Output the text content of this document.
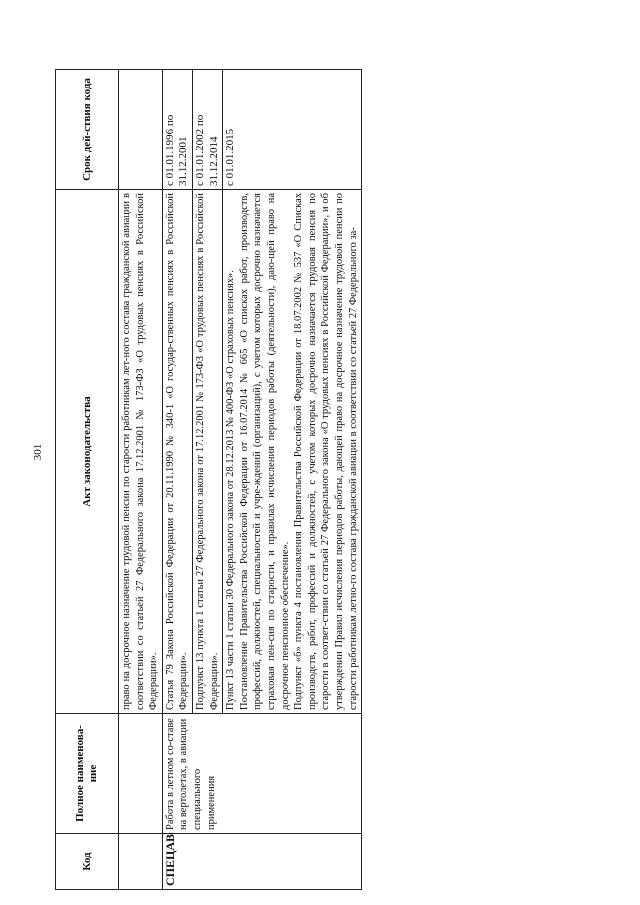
301
Код	Полное наименова-ние	Акт законодательства	Срок дей-ствия кода
		право на досрочное назначение трудовой пенсии по старости работникам лет-ного состава гражданской авиации в соответствии со статьей 27 Федерального закона 17.12.2001 № 173-ФЗ «О трудовых пенсиях в Российской Федерации».	
СПЕЦАВ	Работа в летном со-ставе на вертолетах, в авиации специального применения	Статья 79 Закона Российской Федерации от 20.11.1990 № 340-1 «О государ-ственных пенсиях в Российской Федерации».	с 01.01.1996 по 31.12.2001
		Подпункт 13 пункта 1 статьи 27 Федерального закона от 17.12.2001 № 173-ФЗ «О трудовых пенсиях в Российской Федерации».	с 01.01.2002 по 31.12.2014

		Пункт 13 части 1 статьи 30 Федерального закона от 28.12.2013 № 400-ФЗ «О страховых пенсиях». Постановление Правительства Российской Федерации от 16.07.2014 № 665 «О списках работ, производств, профессий, должностей, специальностей и учре-ждений (организаций), с учетом которых досрочно назначается страховая пен-сия по старости, и правилах исчисления периодов работы (деятельности), даю-щей право на досрочное пенсионное обеспечение». Подпункт «б» пункта 4 постановления Правительства Российской Федерации от 18.07.2002 № 537 «О Списках производств, работ, профессий и должностей, с учетом которых досрочно назначается трудовая пенсия по старости в соответ-ствии со статьей 27 Федерального закона «О трудовых пенсиях в Российской Федерации», и об утверждении Правил исчисления периодов работы, дающей право на досрочное назначение трудовой пенсии по старости работникам летно-го состава гражданской авиации в соответствии со статьей 27 Федерального за-	с 01.01.2015
